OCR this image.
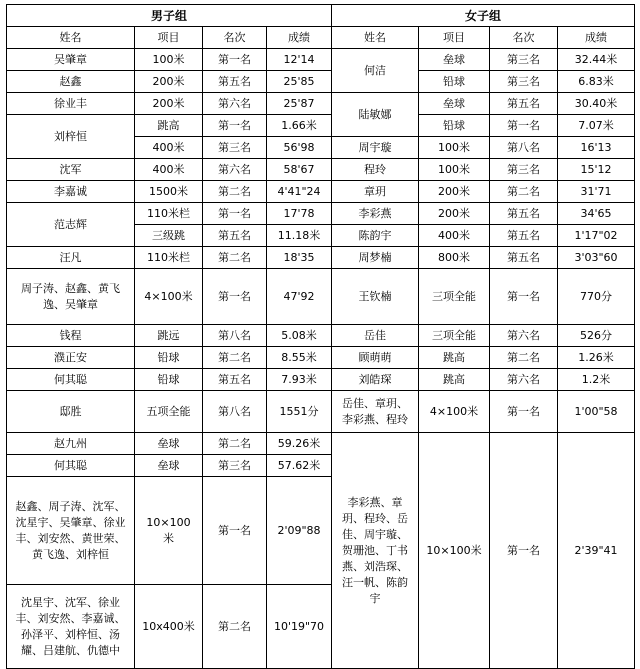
男子组			
姓名	项目	名次	成绩
吴肇章	100米	第一名	12'14
赵鑫	200米	第五名	25'85
徐业丰	200米	第六名	25'87
刘梓恒	跳高	第一名	1.66米
	400米	第三名	56'98
沈军	400米	第六名	58'67
李嘉诚	1500米	第二名	4'41"24
范志辉	110米栏	第一名	17'78
	三级跳	第五名	11.18米
汪凡	110米栏	第二名	18'35
周子涛、赵鑫、黄飞逸、吴肇章	4×100米	第一名	47'92
钱程	跳远	第八名	5.08米
濮正安	铅球	第二名	8.55米
何其聪	铅球	第五名	7.93米
邸胜	五项全能	第八名	1551分
赵九州	垒球	第二名	59.26米
何其聪	垒球	第三名	57.62米
赵鑫、周子涛、沈军、沈星宇、吴肇章、徐业丰、刘安然、黄世荣、黄飞逸、刘梓恒	10×100米	第一名	2'09"88
沈星宇、沈军、徐业丰、刘安然、李嘉诚、孙泽平、刘梓恒、汤耀、吕建航、仇德中	10x400米	第二名	10'19"70
女子组			
姓名	项目	名次	成绩
何洁	垒球	第三名	32.44米
	铅球	第三名	6.83米
陆敏娜	垒球	第五名	30.40米
	铅球	第一名	7.07米
周宇璇	100米	第八名	16'13
程玲	100米	第三名	15'12
章玥	200米	第二名	31'71
李彩燕	200米	第五名	34'65
陈韵宇	400米	第五名	1'17"02
周梦楠	800米	第五名	3'03"60
王钦楠	三项全能	第一名	770分
岳佳	三项全能	第六名	526分
顾萌萌	跳高	第二名	1.26米
刘皓琛	跳高	第六名	1.2米
岳佳、章玥、李彩燕、程玲	4×100米	第一名	1'00"58
李彩燕、章玥、程玲、岳佳、周宇璇、贺珊池、丁书燕、刘浩琛、汪一帆、陈韵宇	10×100米	第一名	2'39"41
